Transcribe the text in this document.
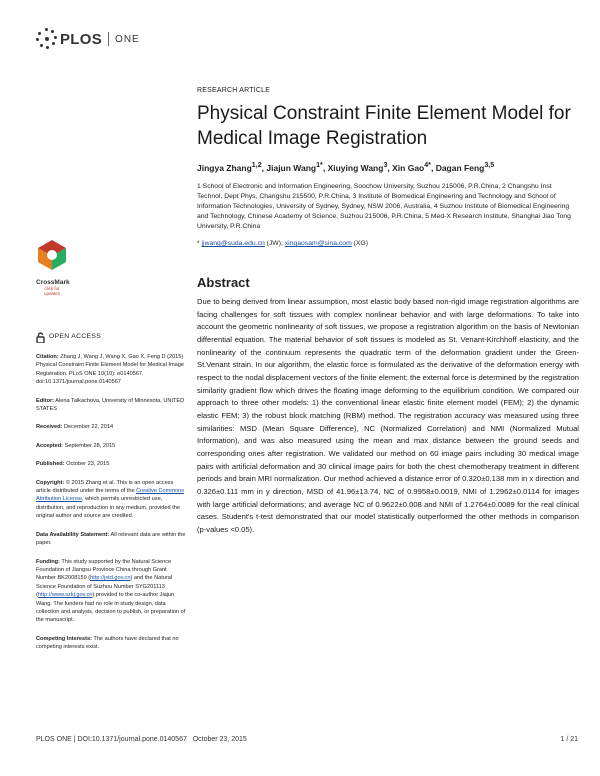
PLOS ONE
RESEARCH ARTICLE
Physical Constraint Finite Element Model for Medical Image Registration
Jingya Zhang$^{1,2}$, Jiajun Wang$^{1*}$, Xiuying Wang$^3$, Xin Gao$^{4*}$, Dagan Feng$^{3,5}$
1 School of Electronic and Information Engineering, Soochow University, Suzhou 215006, P.R.China, 2 Changshu Inst Technol, Dept Phys, Changshu 215500, P.R.China, 3 Institute of Biomedical Engineering and Technology and School of Information Technologies, University of Sydney, Sydney, NSW 2006, Australia, 4 Suzhou Institute of Biomedical Engineering and Technology, Chinese Academy of Science, Suzhou 215006, P.R.China, 5 Med-X Research Institute, Shanghai Jiao Tong University, P.R.China
* jjwang@suda.edu.cn (JW); xingaosam@sina.com (XG)
CrossMark
click for updates
OPEN ACCESS
Citation: Zhang J, Wang J, Wang X, Gao X, Feng D (2015) Physical Constraint Finite Element Model for Medical Image Registration. PLoS ONE 10(10): e0140567. doi:10.1371/journal.pone.0140567
Editor: Alena Talkachova, University of Minnesota, UNITED STATES
Received: December 22, 2014
Accepted: September 28, 2015
Published: October 23, 2015
Copyright: © 2015 Zhang et al. This is an open access article distributed under the terms of the Creative Commons Attribution License, which permits unrestricted use, distribution, and reproduction in any medium, provided the original author and source are credited.
Data Availability Statement: All relevant data are within the paper.
Funding: This study supported by the Natural Science Foundation of Jiangsu Province China through Grant Number BK2008159 (http://jstd.gov.cn) and the Natural Science Foundation of Suzhou Number SYG201113 (http://www.szkj.gov.cn) provided to the co-author Jiajun Wang. The funders had no role in study design, data collection and analysis, decision to publish, or preparation of the manuscript.
Competing Interests: The authors have declared that no competing interests exist.
Abstract

Due to being derived from linear assumption, most elastic body based non-rigid image registration algorithms are facing challenges for soft tissues with complex nonlinear behavior and with large deformations. To take into account the geometric nonlinearity of soft tissues, we propose a registration algorithm on the basis of Newtonian differential equation. The material behavior of soft tissues is modeled as St. Venant-Kirchhoff elasticity, and the nonlinearity of the continuum represents the quadratic term of the deformation gradient under the Green- St.Venant strain. In our algorithm, the elastic force is formulated as the derivative of the deformation energy with respect to the nodal displacement vectors of the finite element; the external force is determined by the registration similarity gradient flow which drives the floating image deforming to the equilibrium condition. We compared our approach to three other models: 1) the conventional linear elastic finite element model (FEM); 2) the dynamic elastic FEM; 3) the robust block matching (RBM) method. The registration accuracy was measured using three similarities: MSD (Mean Square Difference), NC (Normalized Correlation) and NMI (Normalized Mutual Information), and was also measured using the mean and max distance between the ground seeds and corresponding ones after registration. We validated our method on 60 image pairs including 30 medical image pairs with artificial deformation and 30 clinical image pairs for both the chest chemotherapy treatment in different periods and brain MRI normalization. Our method achieved a distance error of 0.320±0.138 mm in x direction and 0.326±0.111 mm in y direction, MSD of 41.96±13.74, NC of 0.9958±0.0019, NMI of 1.2962±0.0114 for images with large artificial deformations; and average NC of 0.9622±0.008 and NMI of 1.2764±0.0089 for the real clinical cases. Student's t-test demonstrated that our model statistically outperformed the other methods in comparison (p-values <0.05).

PLOS ONE | DOI:10.1371/journal.pone.0140567   October 23, 2015	1 / 21
